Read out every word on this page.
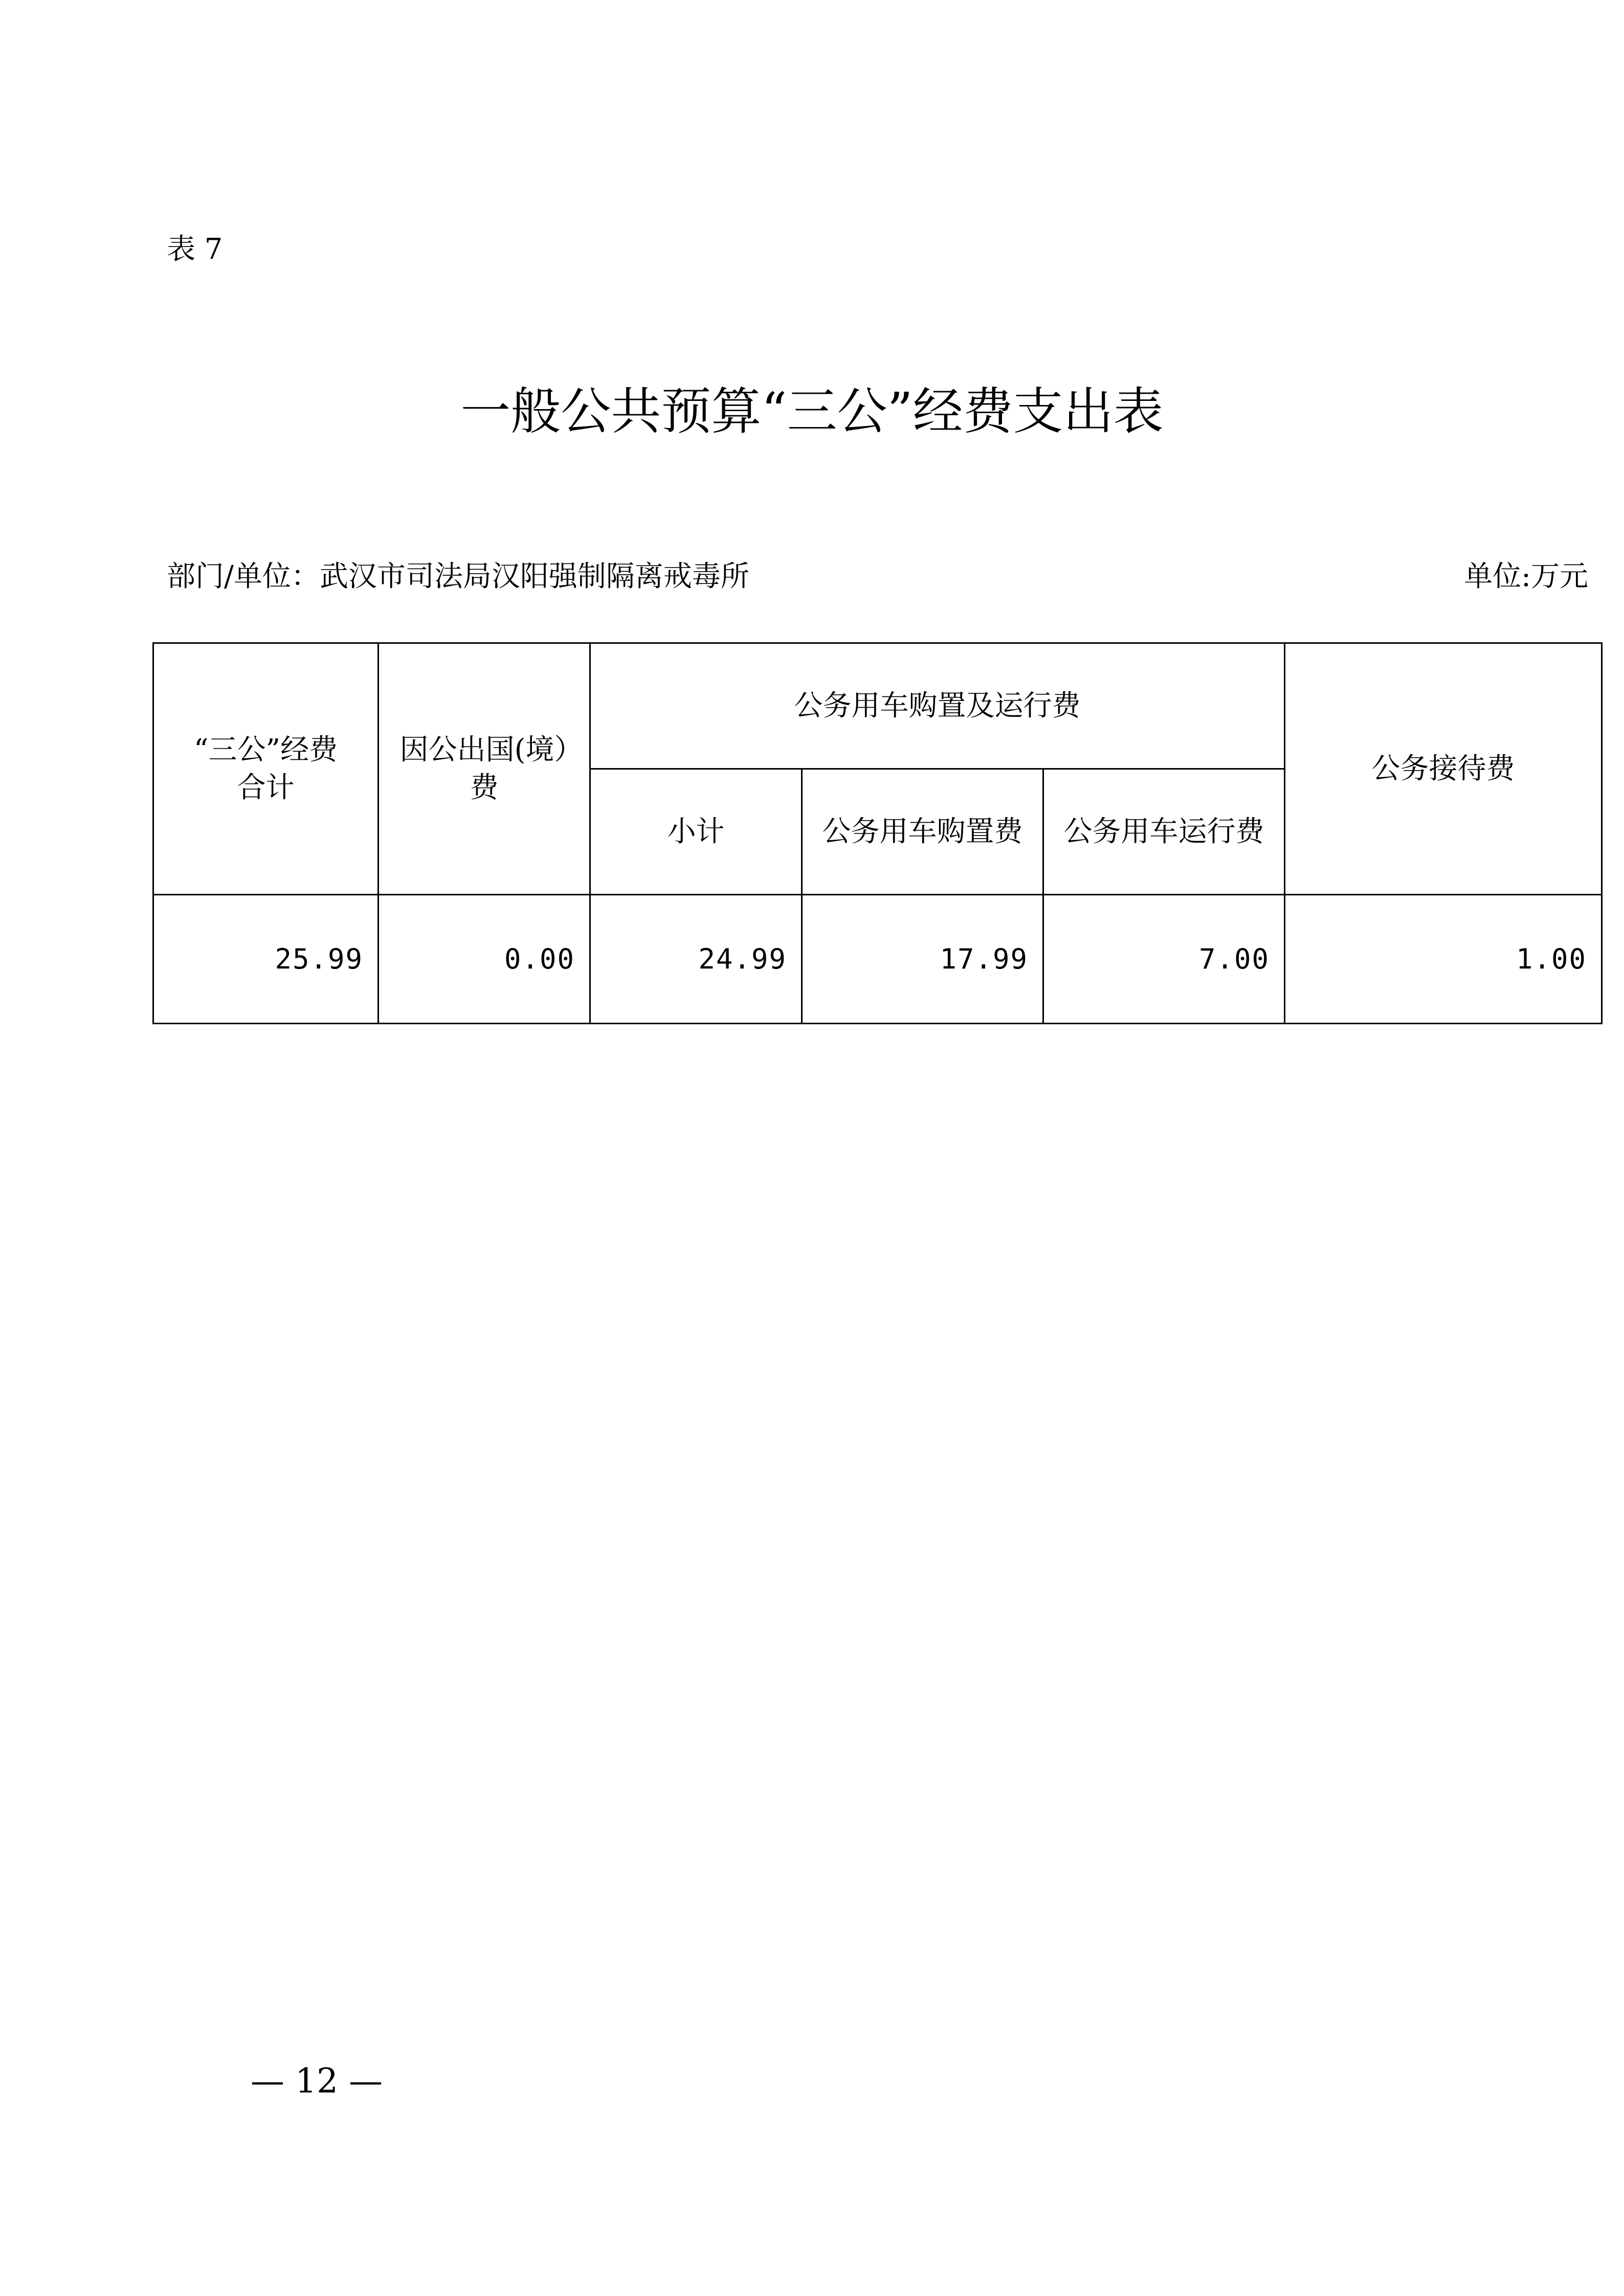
表 7
一般公共预算“三公”经费支出表
部门/单位：武汉市司法局汉阳强制隔离戒毒所	单位:万元
“三公”经费合计	因公出国(境）费	公务用车购置及运行费			公务接待费
		小计	公务用车购置费	公务用车运行费	
25.99	0.00	24.99	17.99	7.00	1.00
— 12 —
